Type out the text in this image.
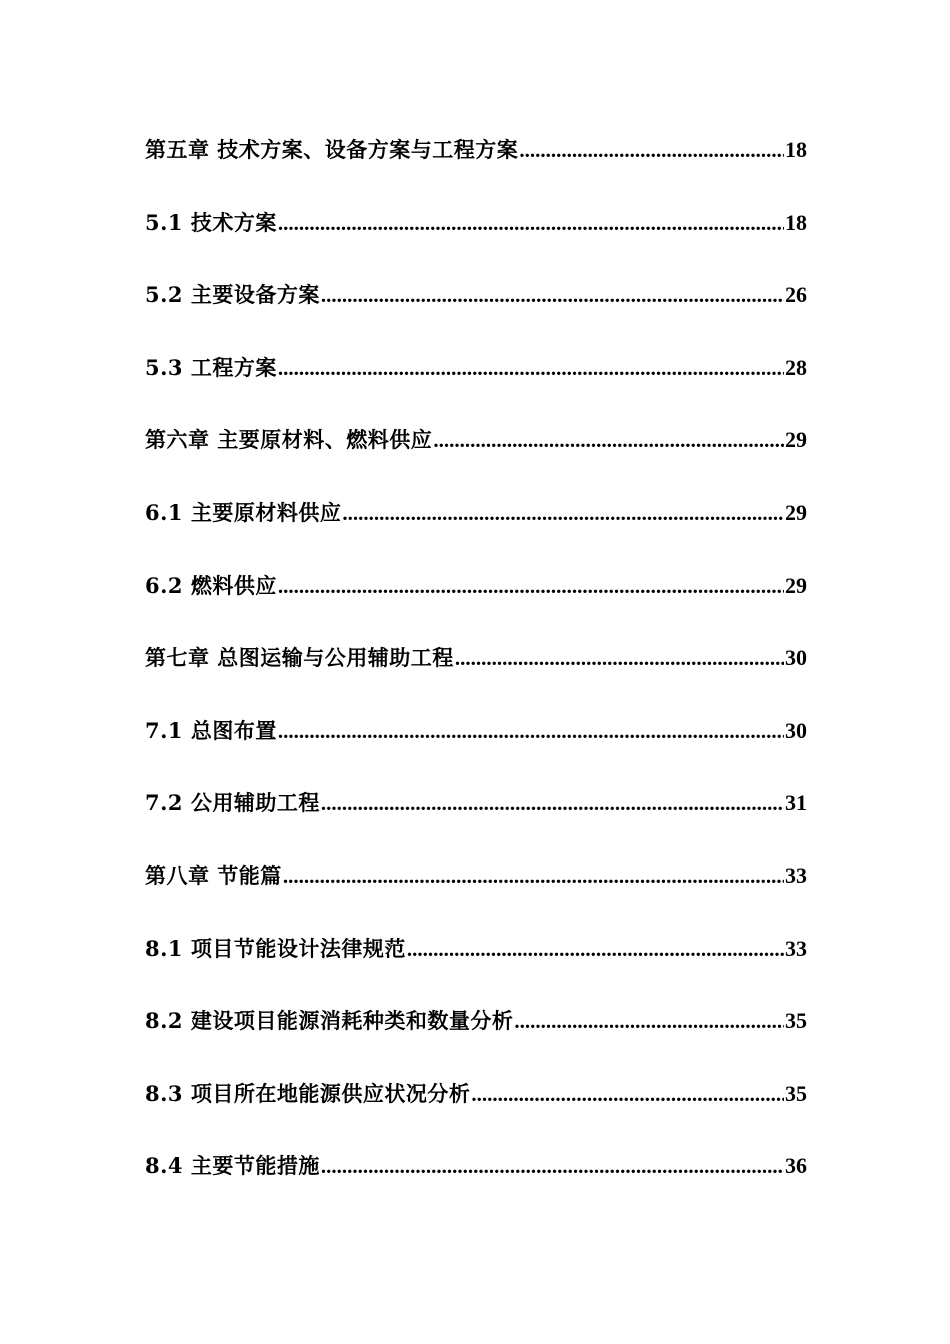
第五章 技术方案、设备方案与工程方案 .....	18
5.1 技术方案 .....	18
5.2 主要设备方案 .....	26
5.3 工程方案 .....	28
第六章 主要原材料、燃料供应 .....	29
6.1 主要原材料供应 .....	29
6.2 燃料供应 .....	29
第七章 总图运输与公用辅助工程 .....	30
7.1 总图布置 .....	30
7.2 公用辅助工程 .....	31
第八章 节能篇 .....	33
8.1 项目节能设计法律规范 .....	33
8.2 建设项目能源消耗种类和数量分析 .....	35
8.3 项目所在地能源供应状况分析 .....	35
8.4 主要节能措施 .....	36
